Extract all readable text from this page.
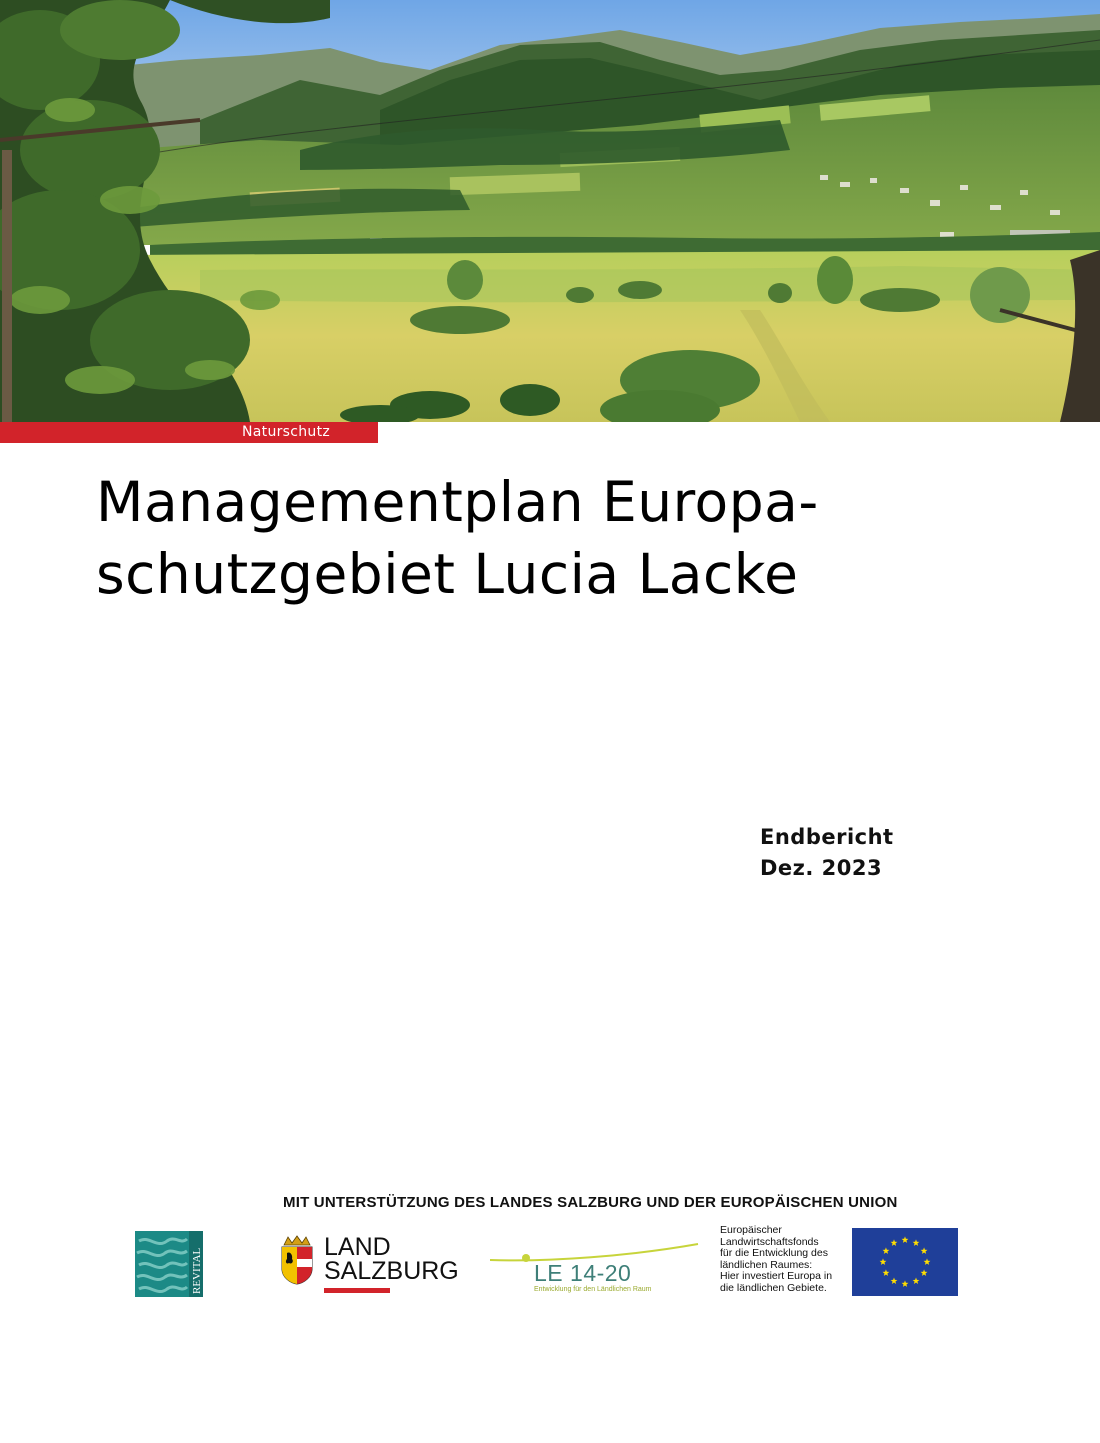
Naturschutz
Managementplan Europa-
schutzgebiet Lucia Lacke
Endbericht
Dez. 2023
MIT UNTERSTÜTZUNG DES LANDES SALZBURG UND DER EUROPÄISCHEN UNION
REVITAL
LAND
SALZBURG	LE 14-20
Entwicklung für den Ländlichen Raum
Europäischer
Landwirtschaftsfonds
für die Entwicklung des
ländlichen Raumes:
Hier investiert Europa in
die ländlichen Gebiete.
